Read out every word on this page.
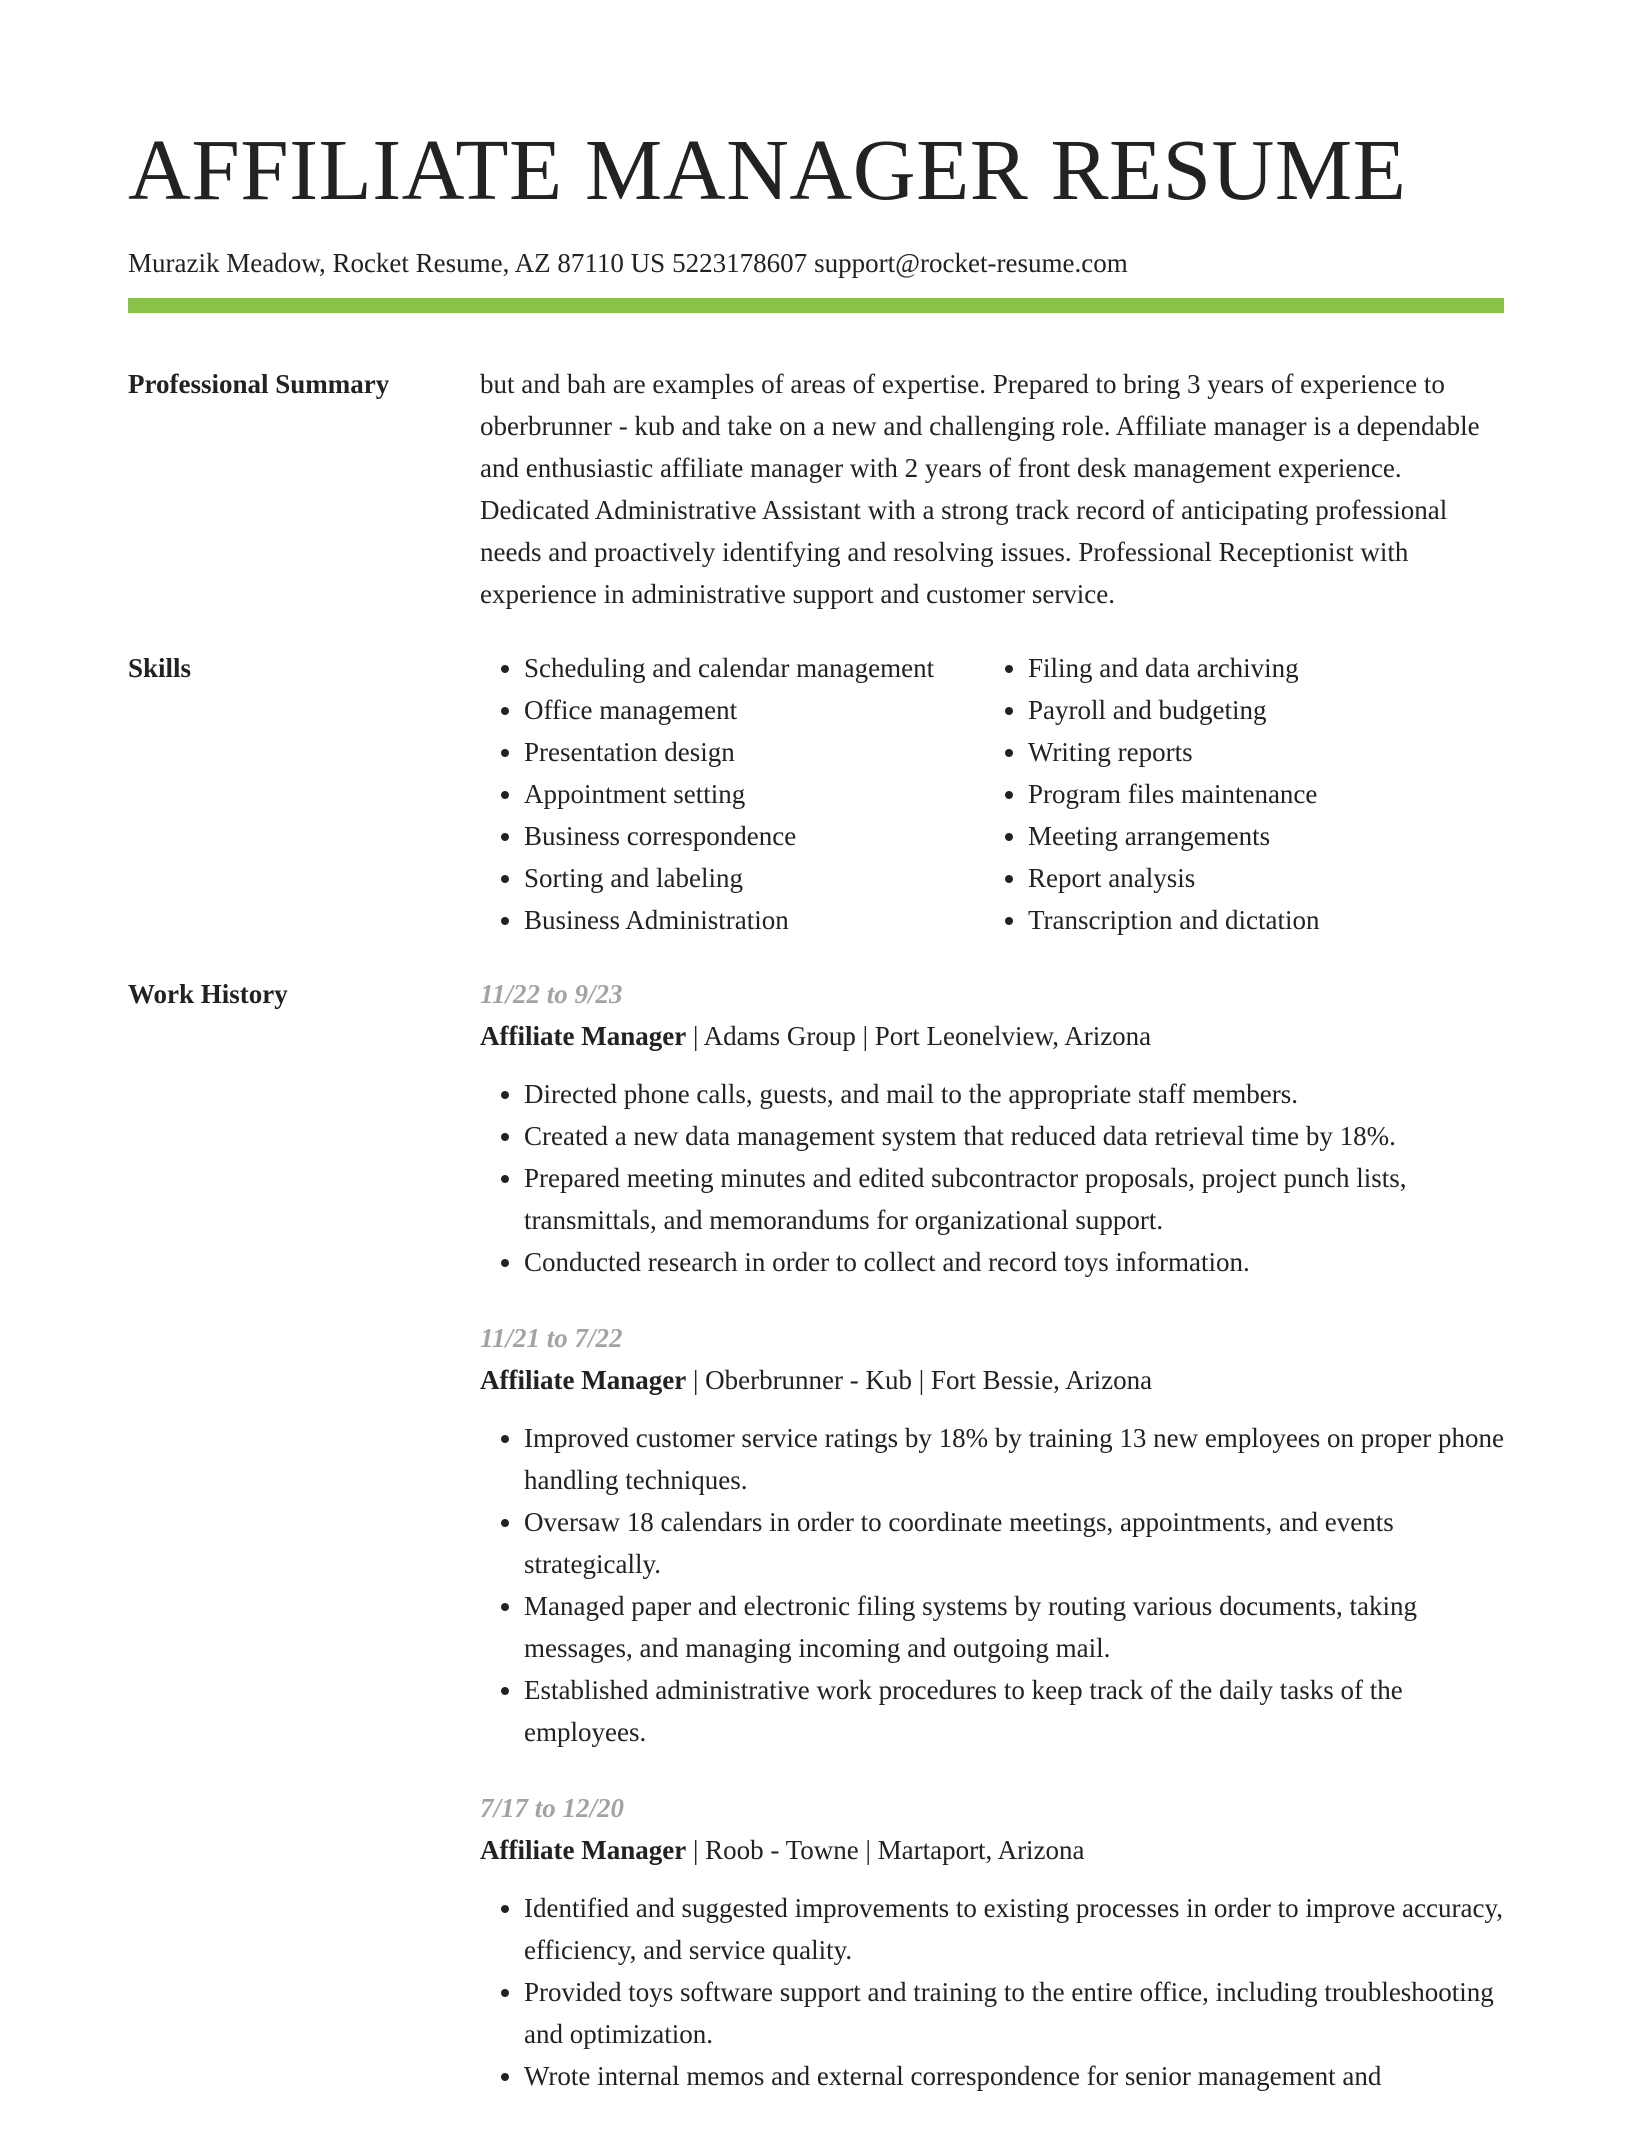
AFFILIATE MANAGER RESUME
Murazik Meadow, Rocket Resume, AZ 87110 US 5223178607 support@rocket-resume.com
Professional Summary	but and bah are examples of areas of expertise. Prepared to bring 3 years of experience to oberbrunner - kub and take on a new and challenging role. Affiliate manager is a dependable and enthusiastic affiliate manager with 2 years of front desk management experience. Dedicated Administrative Assistant with a strong track record of anticipating professional needs and proactively identifying and resolving issues. Professional Receptionist with experience in administrative support and customer service.

Skills
•	Scheduling and calendar management
• Office management
• Presentation design
• Appointment setting
• Business correspondence
• Sorting and labeling
• Business Administration
• Filing and data archiving
• Payroll and budgeting
• Writing reports
• Program files maintenance
• Meeting arrangements
• Report analysis
• Transcription and dictation
Work History	11/22 to 9/23
Affiliate Manager | Adams Group | Port Leonelview, Arizona
• Directed phone calls, guests, and mail to the appropriate staff members.
• Created a new data management system that reduced data retrieval time by 18%.
• Prepared meeting minutes and edited subcontractor proposals, project punch lists, transmittals, and memorandums for organizational support.
• Conducted research in order to collect and record toys information.
11/21 to 7/22
Affiliate Manager | Oberbrunner - Kub | Fort Bessie, Arizona
• Improved customer service ratings by 18% by training 13 new employees on proper phone handling techniques.
• Oversaw 18 calendars in order to coordinate meetings, appointments, and events strategically.
• Managed paper and electronic filing systems by routing various documents, taking messages, and managing incoming and outgoing mail.
• Established administrative work procedures to keep track of the daily tasks of the employees.
7/17 to 12/20
Affiliate Manager | Roob - Towne | Martaport, Arizona
• Identified and suggested improvements to existing processes in order to improve accuracy, efficiency, and service quality.
• Provided toys software support and training to the entire office, including troubleshooting and optimization.
• Wrote internal memos and external correspondence for senior management and
